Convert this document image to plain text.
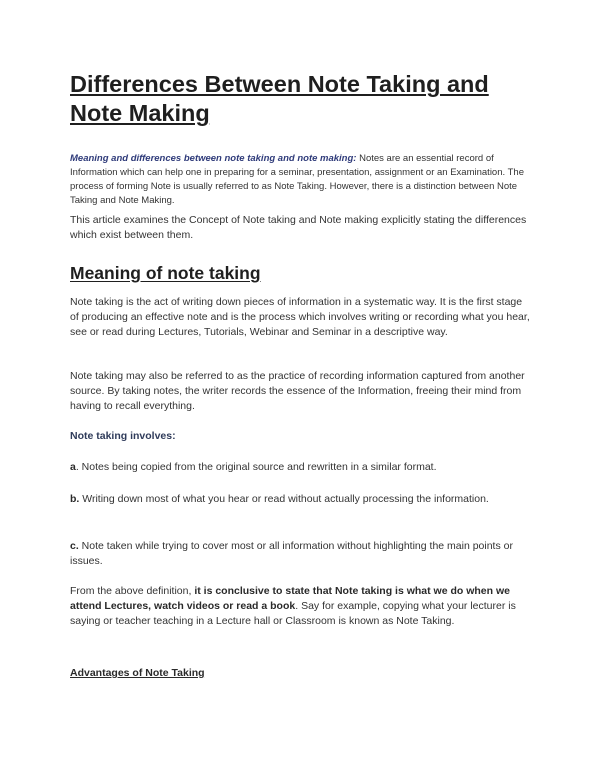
Differences Between Note Taking and Note Making

Meaning and differences between note taking and note making: Notes are an essential record of Information which can help one in preparing for a seminar, presentation, assignment or an Examination. The process of forming Note is usually referred to as Note Taking. However, there is a distinction between Note Taking and Note Making.

This article examines the Concept of Note taking and Note making explicitly stating the differences which exist between them.

Meaning of note taking

Note taking is the act of writing down pieces of information in a systematic way. It is the first stage of producing an effective note and is the process which involves writing or recording what you hear, see or read during Lectures, Tutorials, Webinar and Seminar in a descriptive way.

Note taking may also be referred to as the practice of recording information captured from another source. By taking notes, the writer records the essence of the Information, freeing their mind from having to recall everything.

Note taking involves:

a. Notes being copied from the original source and rewritten in a similar format.

b. Writing down most of what you hear or read without actually processing the information.

c. Note taken while trying to cover most or all information without highlighting the main points or issues.

From the above definition, it is conclusive to state that Note taking is what we do when we attend Lectures, watch videos or read a book. Say for example, copying what your lecturer is saying or teacher teaching in a Lecture hall or Classroom is known as Note Taking.

Advantages of Note Taking
